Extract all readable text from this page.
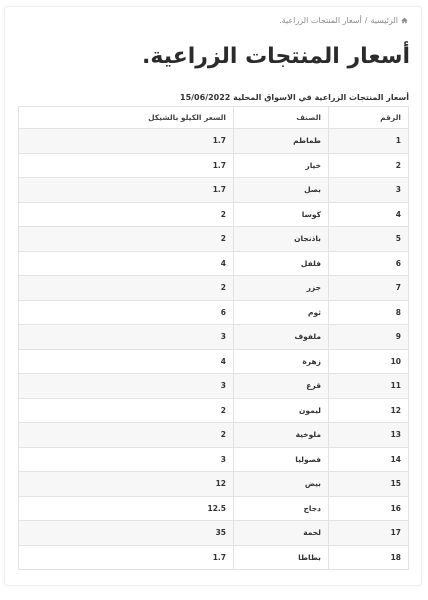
الرئيسية/أسعار المنتجات الزراعية.
أسعار المنتجات الزراعية.
أسعار المنتجات الزراعية في الاسواق المحلية 15/06/2022
الرقم	الصنف	السعر الكيلو بالشيكل
1	طماطم	1.7
2	خيار	1.7
3	بصل	1.7
4	كوسا	2
5	باذنجان	2
6	فلفل	4
7	جزر	2
8	ثوم	6
9	ملفوف	3
10	زهرة	4
11	قرع	3
12	ليمون	2
13	ملوخية	2
14	فصوليا	3
15	بيض	12
16	دجاج	12.5
17	لحمة	35
18	بطاطا	1.7
